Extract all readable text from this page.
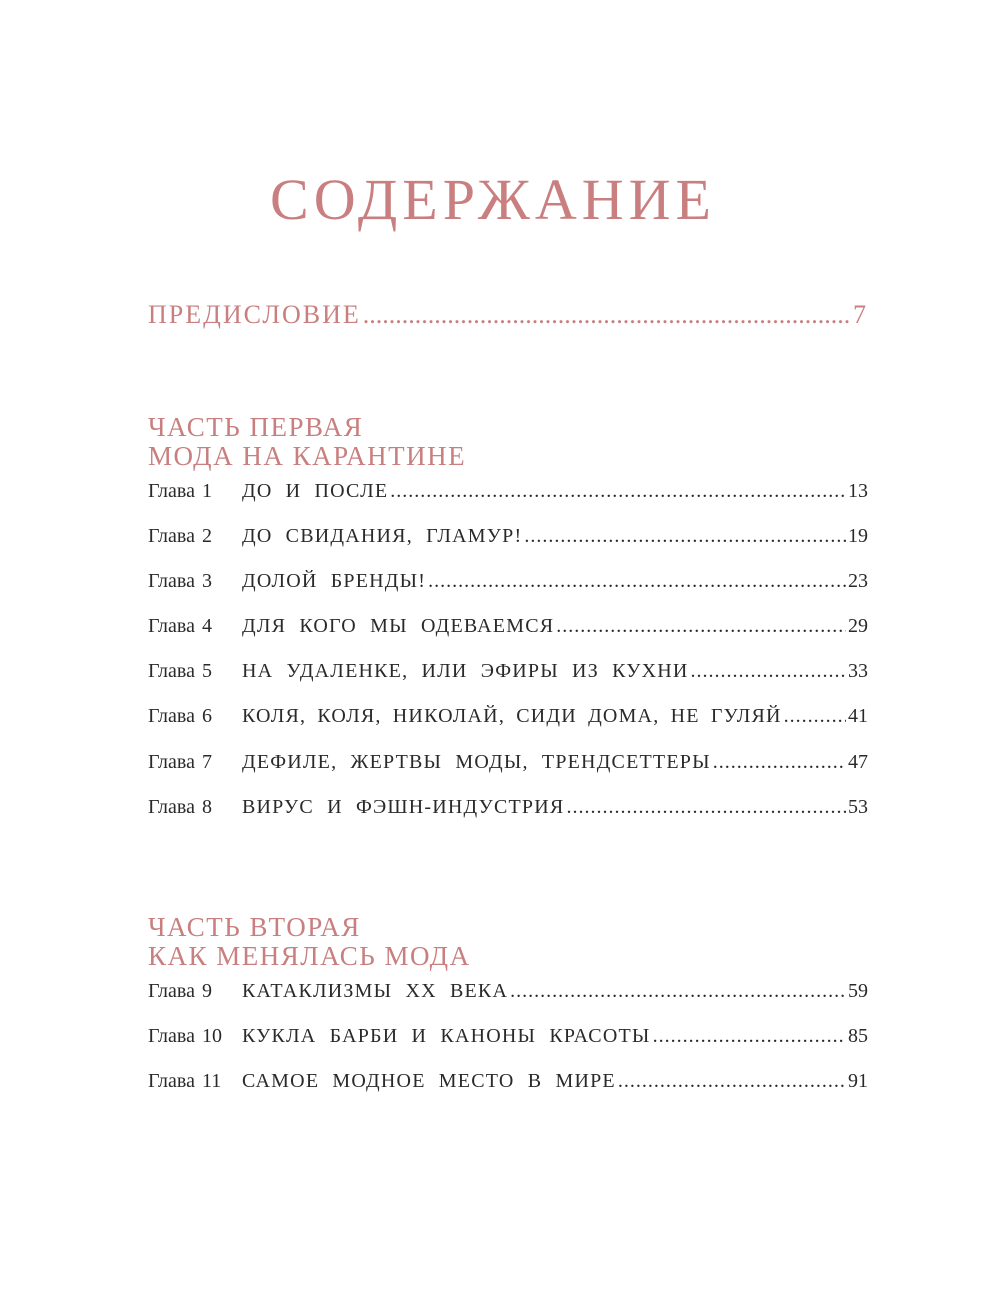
СОДЕРЖАНИЕ
ПРЕДИСЛОВИЕ .....	7
ЧАСТЬ ПЕРВАЯ
МОДА НА КАРАНТИНЕ
Глава 1	ДО И ПОСЛЕ .....	13
Глава 2	ДО СВИДАНИЯ, ГЛАМУР! .....	19
Глава 3	ДОЛОЙ БРЕНДЫ! .....	23
Глава 4	ДЛЯ КОГО МЫ ОДЕВАЕМСЯ .....	29
Глава 5	НА УДАЛЕНКЕ, ИЛИ ЭФИРЫ ИЗ КУХНИ .....	33
Глава 6	КОЛЯ, КОЛЯ, НИКОЛАЙ, СИДИ ДОМА, НЕ ГУЛЯЙ .....	41
Глава 7	ДЕФИЛЕ, ЖЕРТВЫ МОДЫ, ТРЕНДСЕТТЕРЫ .....	47
Глава 8	ВИРУС И ФЭШН-ИНДУСТРИЯ .....	53
ЧАСТЬ ВТОРАЯ
КАК МЕНЯЛАСЬ МОДА
Глава 9	КАТАКЛИЗМЫ XX ВЕКА .....	59
Глава 10	КУКЛА БАРБИ И КАНОНЫ КРАСОТЫ .....	85
Глава 11	САМОЕ МОДНОЕ МЕСТО В МИРЕ .....	91
